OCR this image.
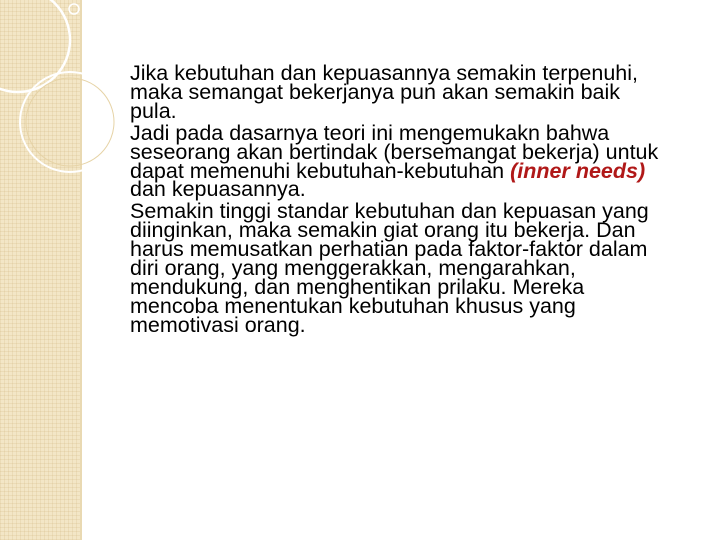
Jika kebutuhan dan kepuasannya semakin terpenuhi, maka semangat bekerjanya pun akan semakin baik pula.

Jadi pada dasarnya teori ini mengemukakn bahwa seseorang akan bertindak (bersemangat bekerja) untuk dapat memenuhi kebutuhan-kebutuhan (inner needs) dan kepuasannya.

Semakin tinggi standar kebutuhan dan kepuasan yang diinginkan, maka semakin giat orang itu bekerja. Dan harus memusatkan perhatian pada faktor-faktor dalam diri orang, yang menggerakkan, mengarahkan, mendukung, dan menghentikan prilaku. Mereka mencoba menentukan kebutuhan khusus yang memotivasi orang.
